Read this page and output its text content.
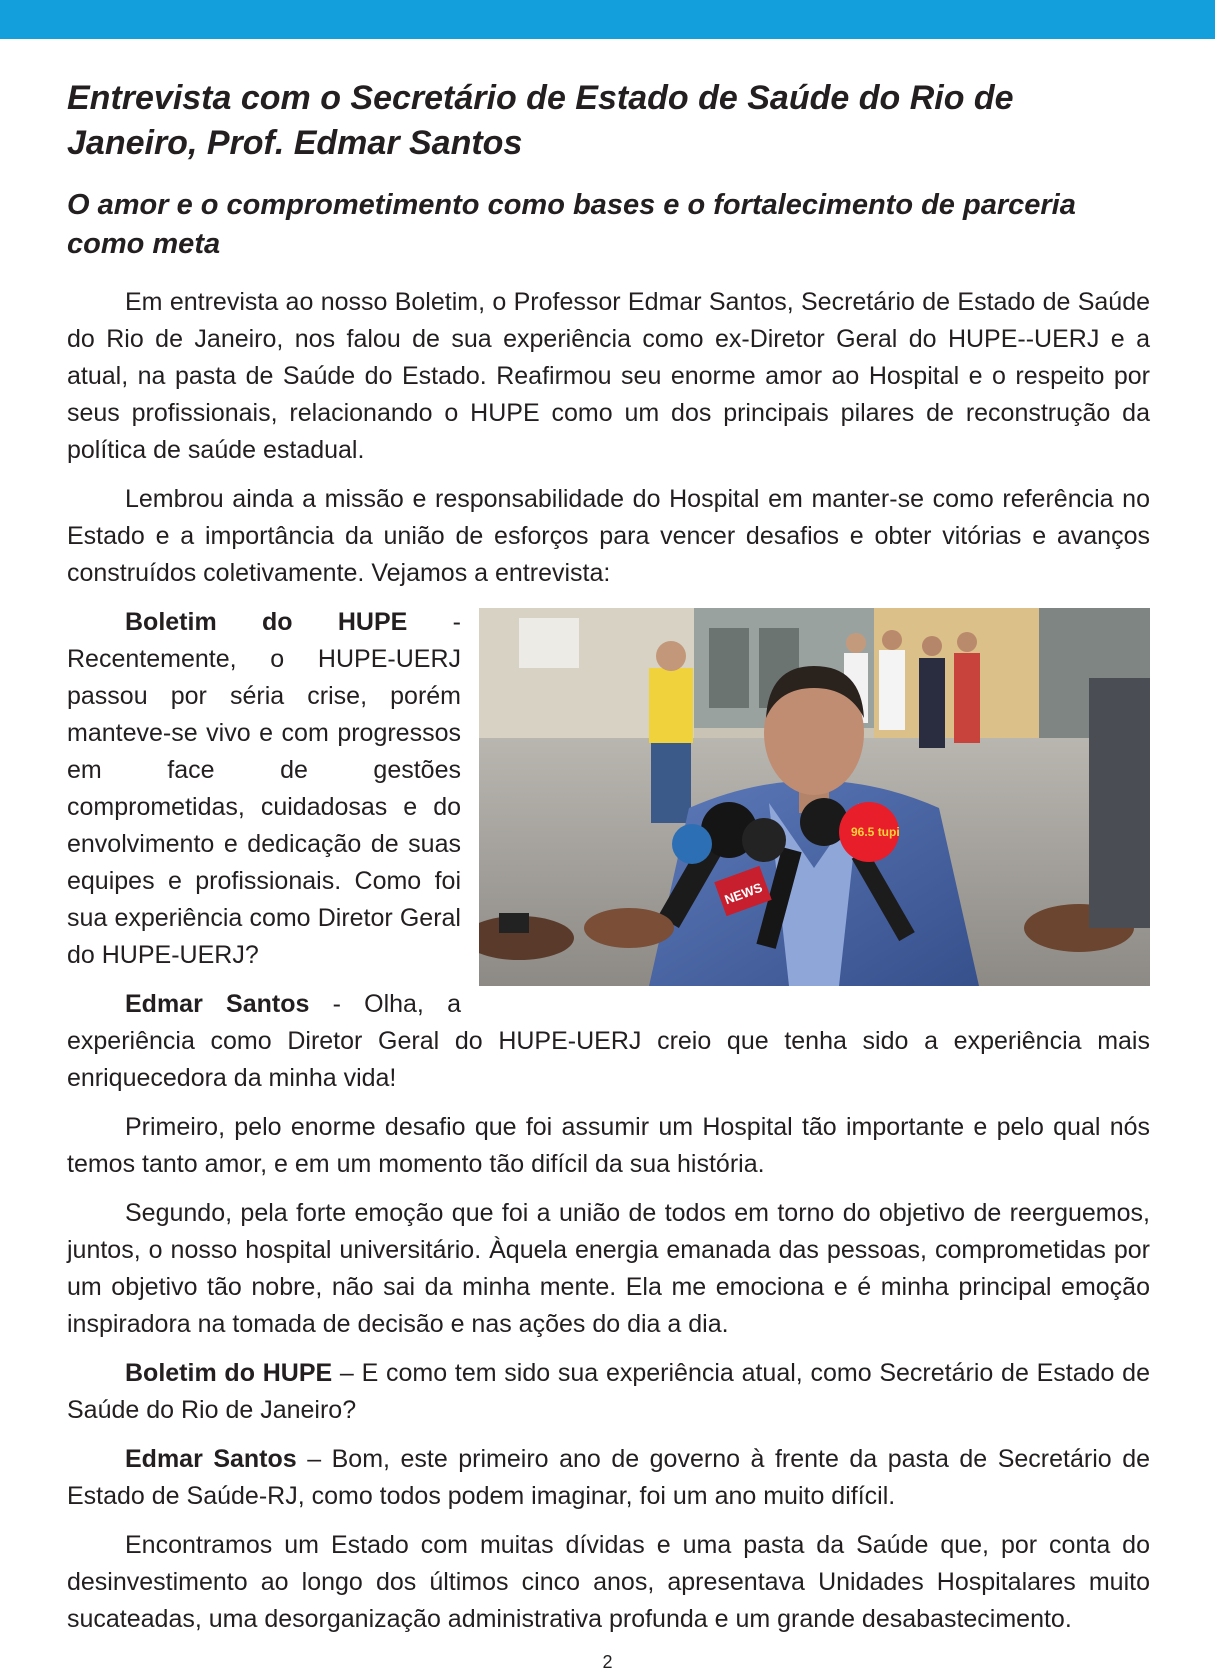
Entrevista com o Secretário de Estado de Saúde do Rio de Janeiro, Prof. Edmar Santos
O amor e o comprometimento como bases e o fortalecimento de parceria como meta

Em entrevista ao nosso Boletim, o Professor Edmar Santos, Secretário de Estado de Saúde do Rio de Janeiro, nos falou de sua experiência como ex-Diretor Geral do HUPE--UERJ e a atual, na pasta de Saúde do Estado. Reafirmou seu enorme amor ao Hospital e o respeito por seus profissionais, relacionando o HUPE como um dos principais pilares de reconstrução da política de saúde estadual.

Lembrou ainda a missão e responsabilidade do Hospital em manter-se como referência no Estado e a importância da união de esforços para vencer desafios e obter vitórias e avanços construídos coletivamente. Vejamos a entrevista:

NEWS
96.5 tupi

Boletim do HUPE - Recentemente, o HUPE-UERJ passou por séria crise, porém manteve-se vivo e com progressos em face de gestões comprometidas, cuidadosas e do envolvimento e dedicação de suas equipes e profissionais. Como foi sua experiência como Diretor Geral do HUPE-UERJ?

Edmar Santos - Olha, a experiência como Diretor Geral do HUPE-UERJ creio que tenha sido a experiência mais enriquecedora da minha vida!

Primeiro, pelo enorme desafio que foi assumir um Hospital tão importante e pelo qual nós temos tanto amor, e em um momento tão difícil da sua história.

Segundo, pela forte emoção que foi a união de todos em torno do objetivo de reerguemos, juntos, o nosso hospital universitário. Àquela energia emanada das pessoas, comprometidas por um objetivo tão nobre, não sai da minha mente. Ela me emociona e é minha principal emoção inspiradora na tomada de decisão e nas ações do dia a dia.

Boletim do HUPE – E como tem sido sua experiência atual, como Secretário de Estado de Saúde do Rio de Janeiro?

Edmar Santos – Bom, este primeiro ano de governo à frente da pasta de Secretário de Estado de Saúde-RJ, como todos podem imaginar, foi um ano muito difícil.

Encontramos um Estado com muitas dívidas e uma pasta da Saúde que, por conta do desinvestimento ao longo dos últimos cinco anos, apresentava Unidades Hospitalares muito sucateadas, uma desorganização administrativa profunda e um grande desabastecimento.

2
